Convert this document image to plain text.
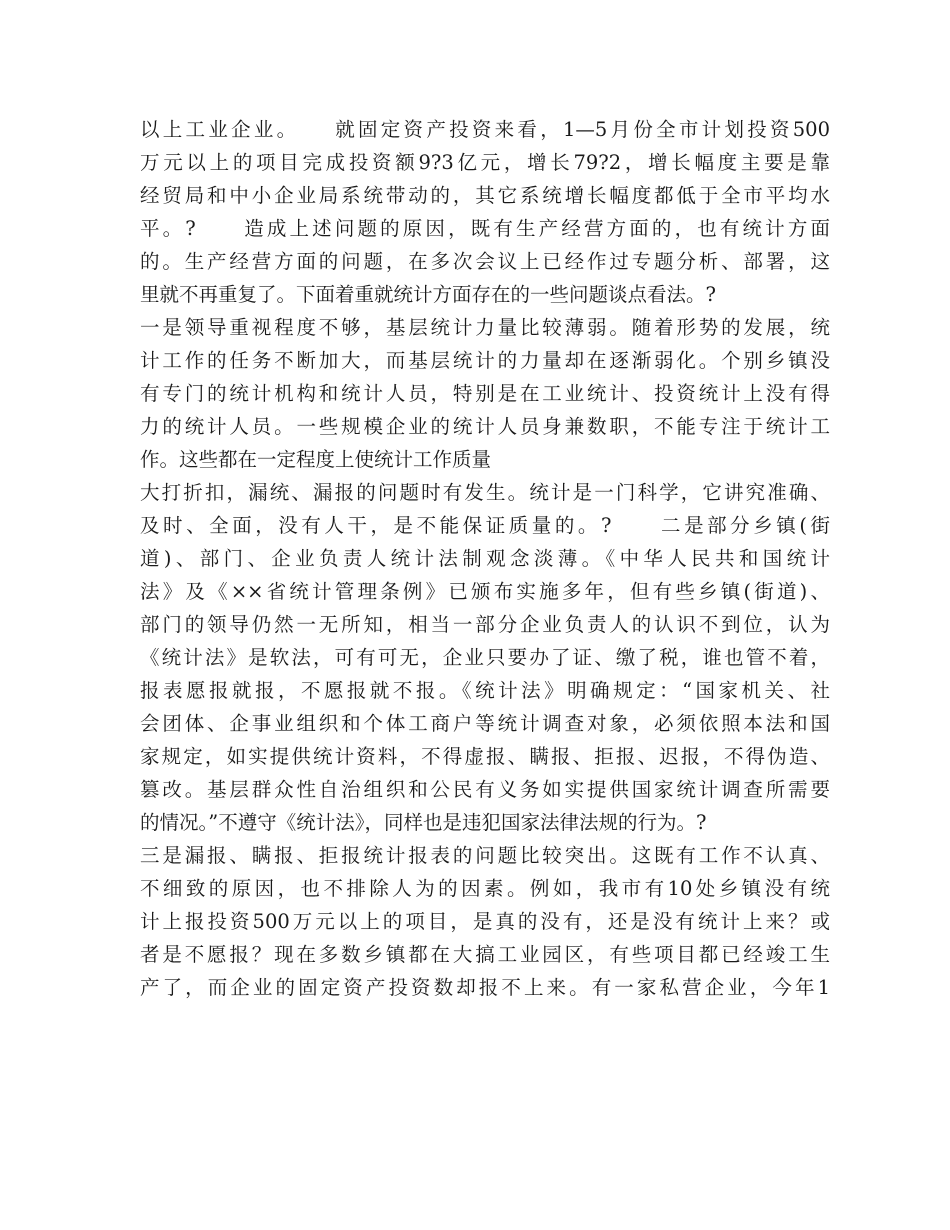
以上工业企业。　　就固定资产投资来看，1—5月份全市计划投资500
万元以上的项目完成投资额9?3亿元，增长79?2，增长幅度主要是靠
经贸局和中小企业局系统带动的，其它系统增长幅度都低于全市平均水
平。?　　造成上述问题的原因，既有生产经营方面的，也有统计方面
的。生产经营方面的问题，在多次会议上已经作过专题分析、部署，这
里就不再重复了。下面着重就统计方面存在的一些问题谈点看法。?
一是领导重视程度不够，基层统计力量比较薄弱。随着形势的发展，统
计工作的任务不断加大，而基层统计的力量却在逐渐弱化。个别乡镇没
有专门的统计机构和统计人员，特别是在工业统计、投资统计上没有得
力的统计人员。一些规模企业的统计人员身兼数职，不能专注于统计工
作。这些都在一定程度上使统计工作质量
大打折扣，漏统、漏报的问题时有发生。统计是一门科学，它讲究准确、
及时、全面，没有人干，是不能保证质量的。?　　二是部分乡镇(街
道)、部门、企业负责人统计法制观念淡薄。《中华人民共和国统计
法》及《××省统计管理条例》已颁布实施多年，但有些乡镇(街道)、
部门的领导仍然一无所知，相当一部分企业负责人的认识不到位，认为
《统计法》是软法，可有可无，企业只要办了证、缴了税，谁也管不着，
报表愿报就报，不愿报就不报。《统计法》明确规定：“国家机关、社
会团体、企事业组织和个体工商户等统计调查对象，必须依照本法和国
家规定，如实提供统计资料，不得虚报、瞒报、拒报、迟报，不得伪造、
篡改。基层群众性自治组织和公民有义务如实提供国家统计调查所需要
的情况。”不遵守《统计法》，同样也是违犯国家法律法规的行为。?
三是漏报、瞒报、拒报统计报表的问题比较突出。这既有工作不认真、
不细致的原因，也不排除人为的因素。例如，我市有10处乡镇没有统
计上报投资500万元以上的项目，是真的没有，还是没有统计上来？或
者是不愿报？现在多数乡镇都在大搞工业园区，有些项目都已经竣工生
产了，而企业的固定资产投资数却报不上来。有一家私营企业，今年1
